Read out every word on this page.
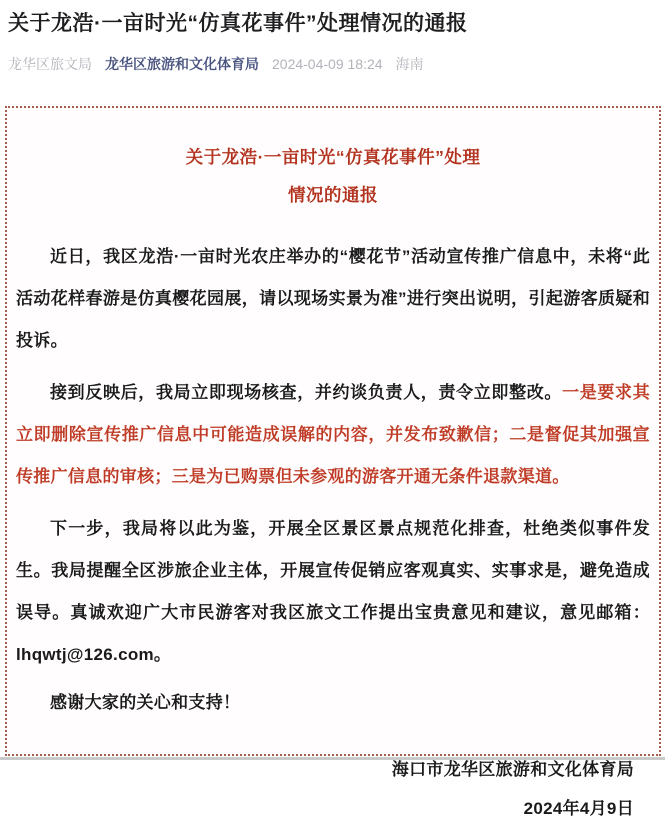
关于龙浩·一亩时光“仿真花事件”处理情况的通报
龙华区旅文局 龙华区旅游和文化体育局 2024-04-09 18:24 海南
关于龙浩·一亩时光“仿真花事件”处理
情况的通报

近日，我区龙浩·一亩时光农庄举办的“樱花节”活动宣传推广信息中，未将“此活动花样春游是仿真樱花园展，请以现场实景为准”进行突出说明，引起游客质疑和投诉。

接到反映后，我局立即现场核查，并约谈负责人，责令立即整改。一是要求其立即删除宣传推广信息中可能造成误解的内容，并发布致歉信；二是督促其加强宣传推广信息的审核；三是为已购票但未参观的游客开通无条件退款渠道。

下一步，我局将以此为鉴，开展全区景区景点规范化排查，杜绝类似事件发生。我局提醒全区涉旅企业主体，开展宣传促销应客观真实、实事求是，避免造成误导。真诚欢迎广大市民游客对我区旅文工作提出宝贵意见和建议，意见邮箱：lhqwtj@126.com。

感谢大家的关心和支持！

海口市龙华区旅游和文化体育局
2024年4月9日
